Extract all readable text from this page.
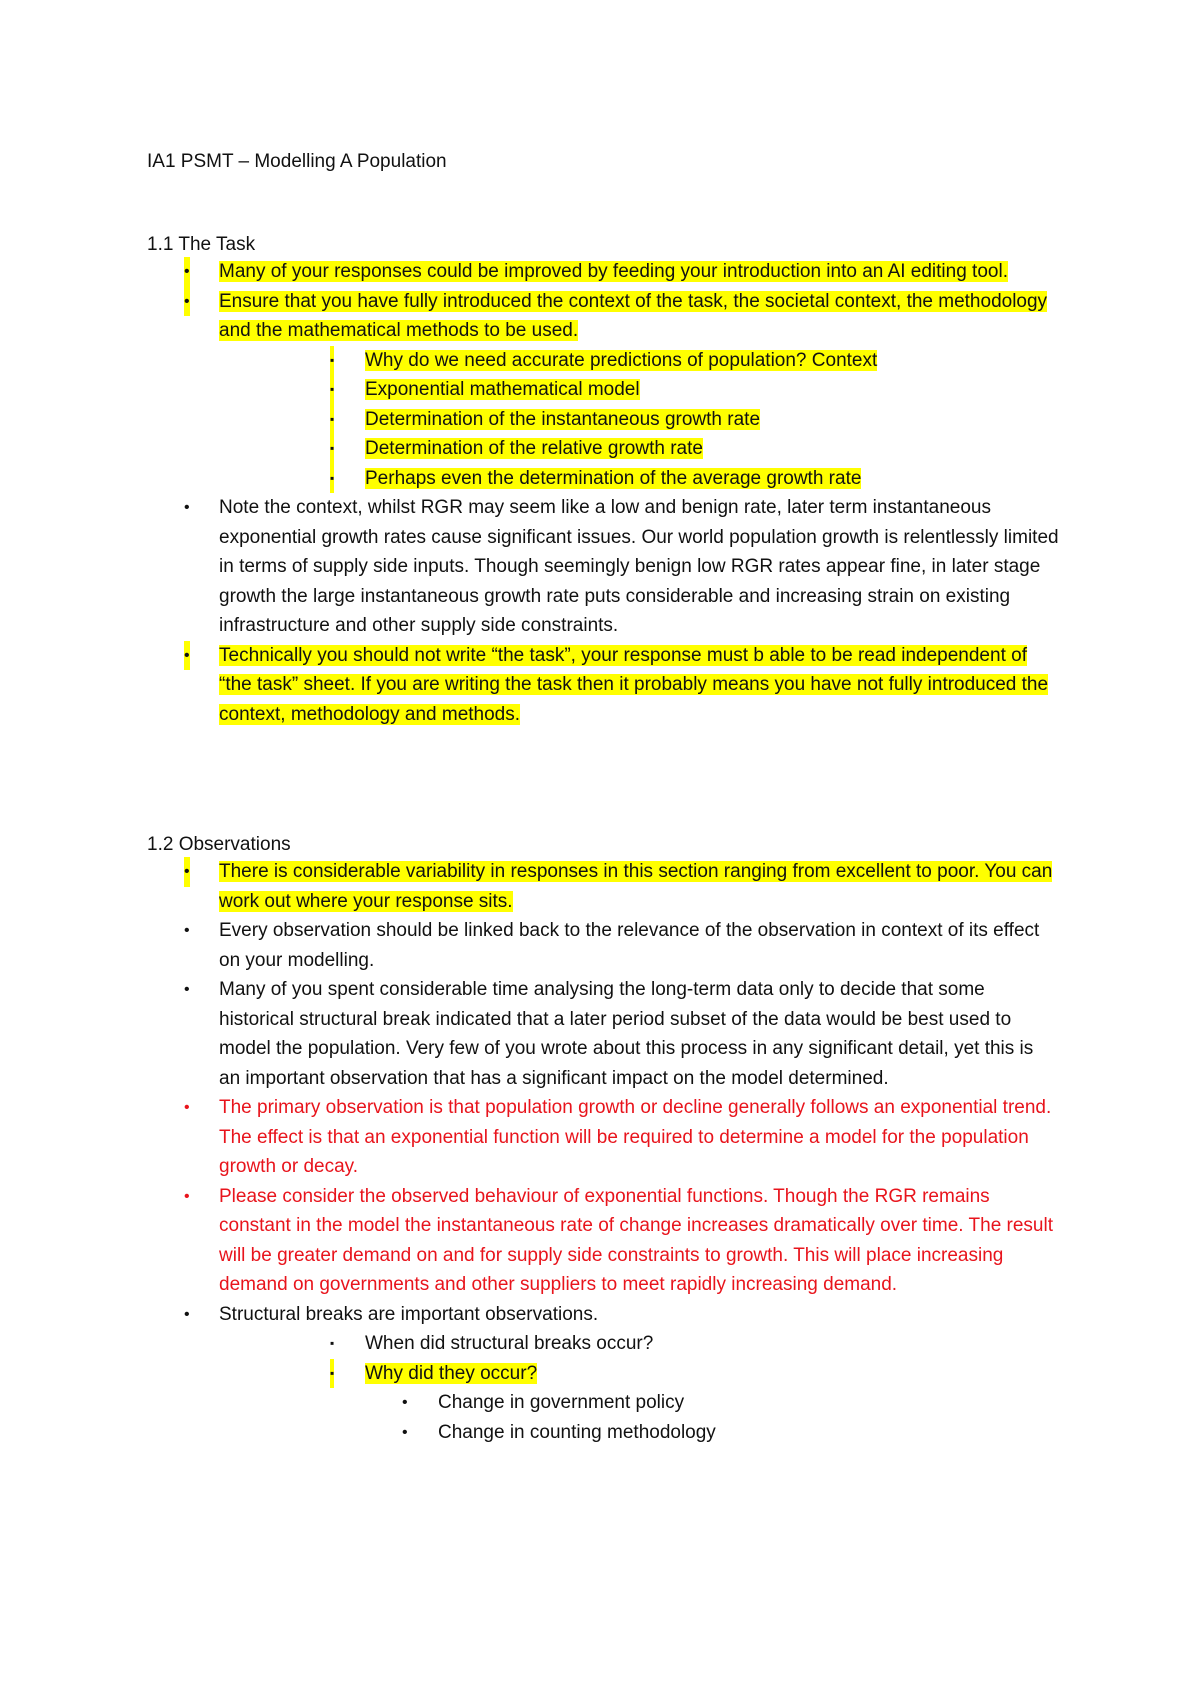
IA1 PSMT – Modelling A Population
1.1 The Task
• Many of your responses could be improved by feeding your introduction into an AI editing tool.
• Ensure that you have fully introduced the context of the task, the societal context, the methodology and the mathematical methods to be used.
▪ Why do we need accurate predictions of population? Context
▪ Exponential mathematical model
▪ Determination of the instantaneous growth rate
▪ Determination of the relative growth rate
▪ Perhaps even the determination of the average growth rate
• Note the context, whilst RGR may seem like a low and benign rate, later term instantaneous exponential growth rates cause significant issues. Our world population growth is relentlessly limited in terms of supply side inputs. Though seemingly benign low RGR rates appear fine, in later stage growth the large instantaneous growth rate puts considerable and increasing strain on existing infrastructure and other supply side constraints.
• Technically you should not write “the task”, your response must b able to be read independent of “the task” sheet. If you are writing the task then it probably means you have not fully introduced the context, methodology and methods.
1.2 Observations
• There is considerable variability in responses in this section ranging from excellent to poor. You can work out where your response sits.
• Every observation should be linked back to the relevance of the observation in context of its effect on your modelling.
• Many of you spent considerable time analysing the long-term data only to decide that some historical structural break indicated that a later period subset of the data would be best used to model the population. Very few of you wrote about this process in any significant detail, yet this is an important observation that has a significant impact on the model determined.
• The primary observation is that population growth or decline generally follows an exponential trend. The effect is that an exponential function will be required to determine a model for the population growth or decay.
• Please consider the observed behaviour of exponential functions. Though the RGR remains constant in the model the instantaneous rate of change increases dramatically over time. The result will be greater demand on and for supply side constraints to growth. This will place increasing demand on governments and other suppliers to meet rapidly increasing demand.
• Structural breaks are important observations.
▪ When did structural breaks occur?
▪ Why did they occur?
• Change in government policy
• Change in counting methodology
